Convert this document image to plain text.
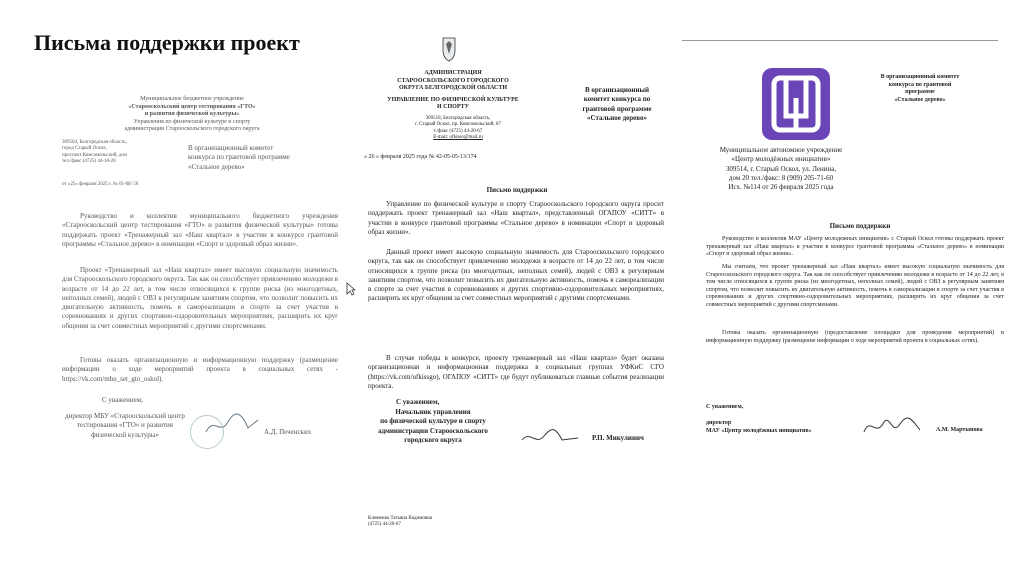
Письма поддержки проект
Муниципальное бюджетное учреждение
«Старооскольский центр тестирования «ГТО»
и развития физической культуры»
Управления по физической культуре и спорту
администрации Старооскольского городского округа
309504, Белгородская область,
город Старый Оскол,
проспект Комсомольский, дом
тел./факс (4725) 44-18-20
В организационный комитет
конкурса по грантовой программе
«Стальное дерево»
от «25» февраля 2025 г. № 01-08/ 56
Руководство и коллектив муниципального бюджетного учреждения «Старооскольский центр тестирования «ГТО» и развития физической культуры» готовы поддержать проект «Тренажерный зал «Наш квартал» в участии в конкурсе грантовой программы «Стальное дерево» в номинации «Спорт и здоровый образ жизни».
Проект «Тренажерный зал «Наш квартал» имеет высокую социальную значимость для Старооскольского городского округа. Так как он способствует привлечению молодежи в возрасте от 14 до 22 лет, в том числе относящихся к группе риска (из многодетных, неполных семей), людей с ОВЗ к регулярным занятиям спортом, что позволит повысить их двигательную активность, помочь в самореализации в спорте за счет участия в соревнованиях и других спортивно-оздоровительных мероприятиях, расширить их круг общения за счет совместных мероприятий с другими спортсменами.
Готовы оказать организационную и информационную поддержку (размещение информации о ходе мероприятий проекта в социальных сетях -https://vk.com/mbu_set_gto_oskol).
С уважением,
директор МБУ «Старооскольский центр
тестирования «ГТО» и развития
физической культуры»	А.Д. Печенских
АДМИНИСТРАЦИЯ
СТАРООСКОЛЬСКОГО ГОРОДСКОГО
ОКРУГА БЕЛГОРОДСКОЙ ОБЛАСТИ
УПРАВЛЕНИЕ ПО ФИЗИЧЕСКОЙ КУЛЬТУРЕ
И СПОРТУ
309518, Белгородская область,
г. Старый Оскол, пр. Комсомольский, 67
т./факс (4725) 44-20-67
E-mail: ufkisso@mail.ru
« 26 » февраля 2025 года № 42-05-05-13/174
В организационный
комитет конкурса по
грантовой программе
«Стальное дерево»
Письмо поддержки
Управление по физической культуре и спорту Старооскольского городского округа просит поддержать проект тренажерный зал «Наш квартал», представленный ОГАПОУ «СИТТ» в участии в конкурсе грантовой программы «Стальное дерево» в номинации «Спорт и здоровый образ жизни».
Данный проект имеет высокую социальную значимость для Старооскольского городского округа, так как он способствует привлечению молодежи в возрасте от 14 до 22 лет, в том числе относящихся к группе риска (из многодетных, неполных семей), людей с ОВЗ к регулярным занятиям спортом, что позволит повысить их двигательную активность, помочь в самореализации в спорте за счет участия в соревнованиях и других спортивно-оздоровительных мероприятиях, расширить их круг общения за счет совместных мероприятий с другими спортсменами.
В случае победы в конкурсе, проекту тренажерный зал «Наш квартал» будет оказана организационная и информационная поддержка в социальных группах УФКиС СГО (https://vk.com/ufkissgo), ОГАПОУ «СИТТ» где будут публиковаться главные события реализации проекта.
С уважением,
Начальник управления
по физической культуре и спорту
администрации Старооскольского
городского округа	Р.П. Микулинич
Клименко Татьяна Вадимовна
(4725) 44-20-67
В организационный комитет
конкурса по грантовой
программе
«Стальное дерево»
Муниципальное автономное учреждение
«Центр молодёжных инициатив»
309514, г. Старый Оскол, ул. Ленина,
дом 20 тел./факс: 8 (909) 205-71-60
Исх. №114 от 26 февраля 2025 года
Письмо поддержки
Руководство и коллектив МАУ «Центр молодежных инициатив» г. Старый Оскол готовы поддержать проект тренажерный зал «Наш квартал» в участии в конкурсе грантовой программы «Стальное дерево» в номинации «Спорт и здоровый образ жизни».
Мы считаем, что проект тренажерный зал «Наш квартал» имеет высокую социальную значимость для Старооскольского городского округа. Так как он способствует привлечению молодежи в возрасте от 14 до 22 лет, в том числе относящихся к группе риска (из многодетных, неполных семей), людей с ОВЗ к регулярным занятиям спортом, что позволит повысить их двигательную активность, помочь в самореализации в спорте за счет участия в соревнованиях и других спортивно-оздоровительных мероприятиях, расширить их круг общения за счет совместных мероприятий с другими спортсменами.
Готовы оказать организационную (предоставление площадки для проведения мероприятий) и информационную поддержку (размещение информации о ходе мероприятий проекта в социальных сетях).
С уважением,
директор
МАУ «Центр молодёжных инициатив»	А.М. Мартынова
